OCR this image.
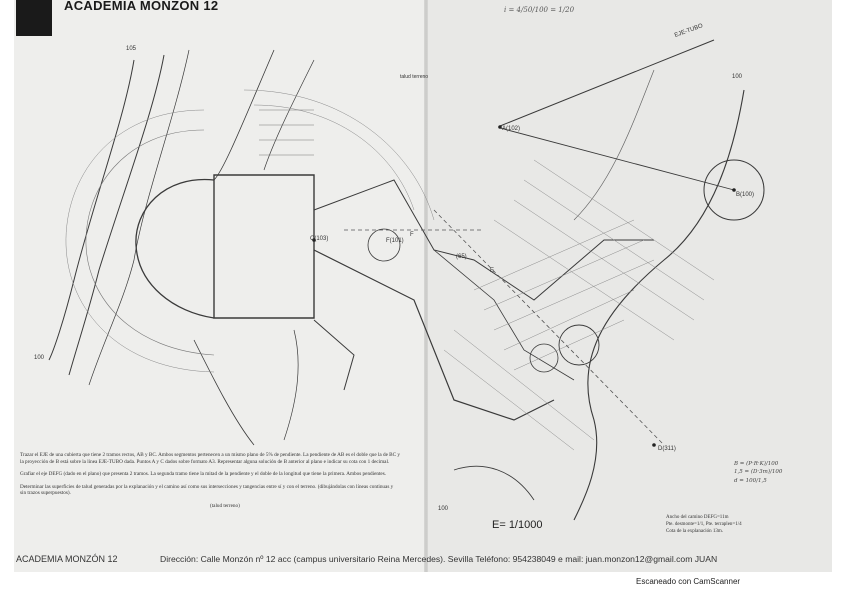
ACADEMIA MONZON 12	i = 4/50/100 = 1/20
EJE-TUBO
105
100
100
100
C(103)
A(102)
F
F(101)
(65)
E
D(311)
B(100)
talud terreno

Trazar el EJE de una cubierta que tiene 2 tramos rectos, AB y BC. Ambos segmentos pertenecen a un mismo plano de 5% de pendiente. La pendiente de AB es el doble que la de BC y la proyección de B está sobre la línea EJE-TUBO dada. Puntos A y C dados sobre formato A3. Representar alguna solución de B anterior al plano e indicar su cota con 1 decimal.

Grafiar el eje DEFG (dado en el plano) que presenta 2 tramos. La segunda tramo tiene la mitad de la pendiente y el doble de la longitud que tiene la primera. Ambos pendientes.

Determinar las superficies de talud generadas por la explanación y el camino así como sus intersecciones y tangencias entre sí y con el terreno. (dibujándolas con líneas continuas y sin trazos superpuestos).

(talud terreno)

E= 1/1000
B = (P·R·K)/100
1,5 = (D·3m)/100
d = 100/1,5
Ancho del camino DEFG=11m
Pte. desmonte=1/1, Pte. terraplen=1/4
Cota de la explanación 13m.
ACADEMIA MONZÓN 12	Dirección: Calle Monzón nº 12 acc (campus universitario Reina Mercedes). Sevilla Teléfono: 954238049 e mail: juan.monzon12@gmail.com JUAN
Escaneado con CamScanner
